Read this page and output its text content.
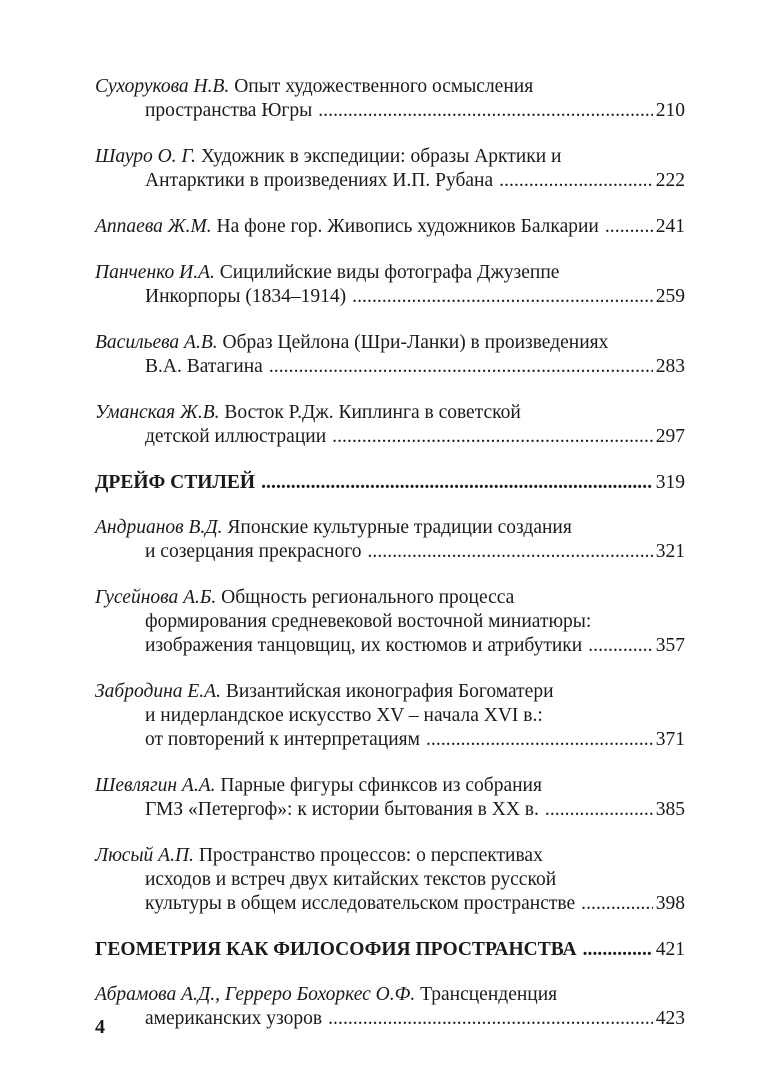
Сухорукова Н.В.
Опыт художественного осмысления
пространства Югры . . .	210
Шауро О. Г.
Художник в экспедиции: образы Арктики и
Антарктики в произведениях И.П. Рубана . . .	222
Аппаева Ж.М.
На фоне гор. Живопись художников Балкарии . . .	241
Панченко И.А.
Сицилийские виды фотографа Джузеппе
Инкорпоры (1834–1914) . . .	259
Васильева А.В.
Образ Цейлона (Шри-Ланки) в произведениях
В.А. Ватагина . . .	283
Уманская Ж.В.
Восток Р.Дж. Киплинга в советской
детской иллюстрации . . .	297
ДРЕЙФ СТИЛЕЙ . . .	319
Андрианов В.Д.
Японские культурные традиции создания
и созерцания прекрасного . . .	321
Гусейнова А.Б.
Общность регионального процесса
формирования средневековой восточной миниатюры:
изображения танцовщиц, их костюмов и атрибутики . . .	357
Забродина Е.А.
Византийская иконография Богоматери
и нидерландское искусство XV – начала XVI в.:
от повторений к интерпретациям . . .	371
Шевлягин А.А.
Парные фигуры сфинксов из собрания
ГМЗ «Петергоф»: к истории бытования в XX в. . . .	385
Люсый А.П.
Пространство процессов: о перспективах
исходов и встреч двух китайских текстов русской
культуры в общем исследовательском пространстве . . .	398
ГЕОМЕТРИЯ КАК ФИЛОСОФИЯ ПРОСТРАНСТВА . . .	421
Абрамова А.Д., Герреро Бохоркес О.Ф.
Трансценденция
американских узоров . . .	423
4
